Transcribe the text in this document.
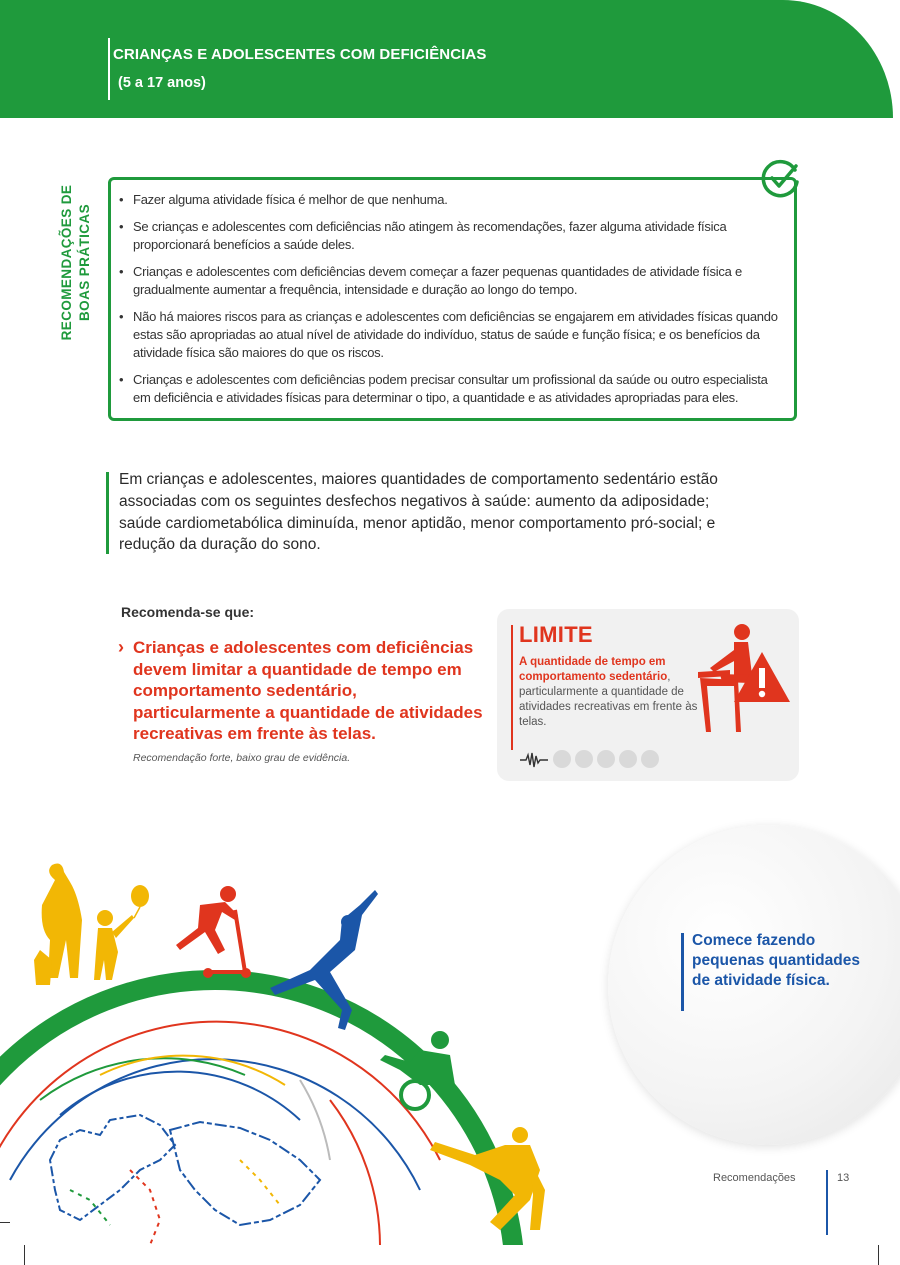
CRIANÇAS E ADOLESCENTES COM DEFICIÊNCIAS
(5 a 17 anos)
RECOMENDAÇÕES DE BOAS PRÁTICAS
• Fazer alguma atividade física é melhor de que nenhuma.
• Se crianças e adolescentes com deficiências não atingem às recomendações, fazer alguma atividade física proporcionará benefícios a saúde deles.
• Crianças e adolescentes com deficiências devem começar a fazer pequenas quantidades de atividade física e gradualmente aumentar a frequência, intensidade e duração ao longo do tempo.
• Não há maiores riscos para as crianças e adolescentes com deficiências se engajarem em atividades físicas quando estas são apropriadas ao atual nível de atividade do indivíduo, status de saúde e função física; e os benefícios da atividade física são maiores do que os riscos.
• Crianças e adolescentes com deficiências podem precisar consultar um profissional da saúde ou outro especialista em deficiência e atividades físicas para determinar o tipo, a quantidade e as atividades apropriadas para eles.
Em crianças e adolescentes, maiores quantidades de comportamento sedentário estão associadas com os seguintes desfechos negativos à saúde: aumento da adiposidade; saúde cardiometabólica diminuída, menor aptidão, menor comportamento pró-social; e redução da duração do sono.
Recomenda-se que:
› Crianças e adolescentes com deficiências devem limitar a quantidade de tempo em comportamento sedentário, particularmente a quantidade de atividades recreativas em frente às telas.
Recomendação forte, baixo grau de evidência.
LIMITE
A quantidade de tempo em comportamento sedentário, particularmente a quantidade de atividades recreativas em frente às telas.
Comece fazendo pequenas quantidades de atividade física.
Recomendações	13
